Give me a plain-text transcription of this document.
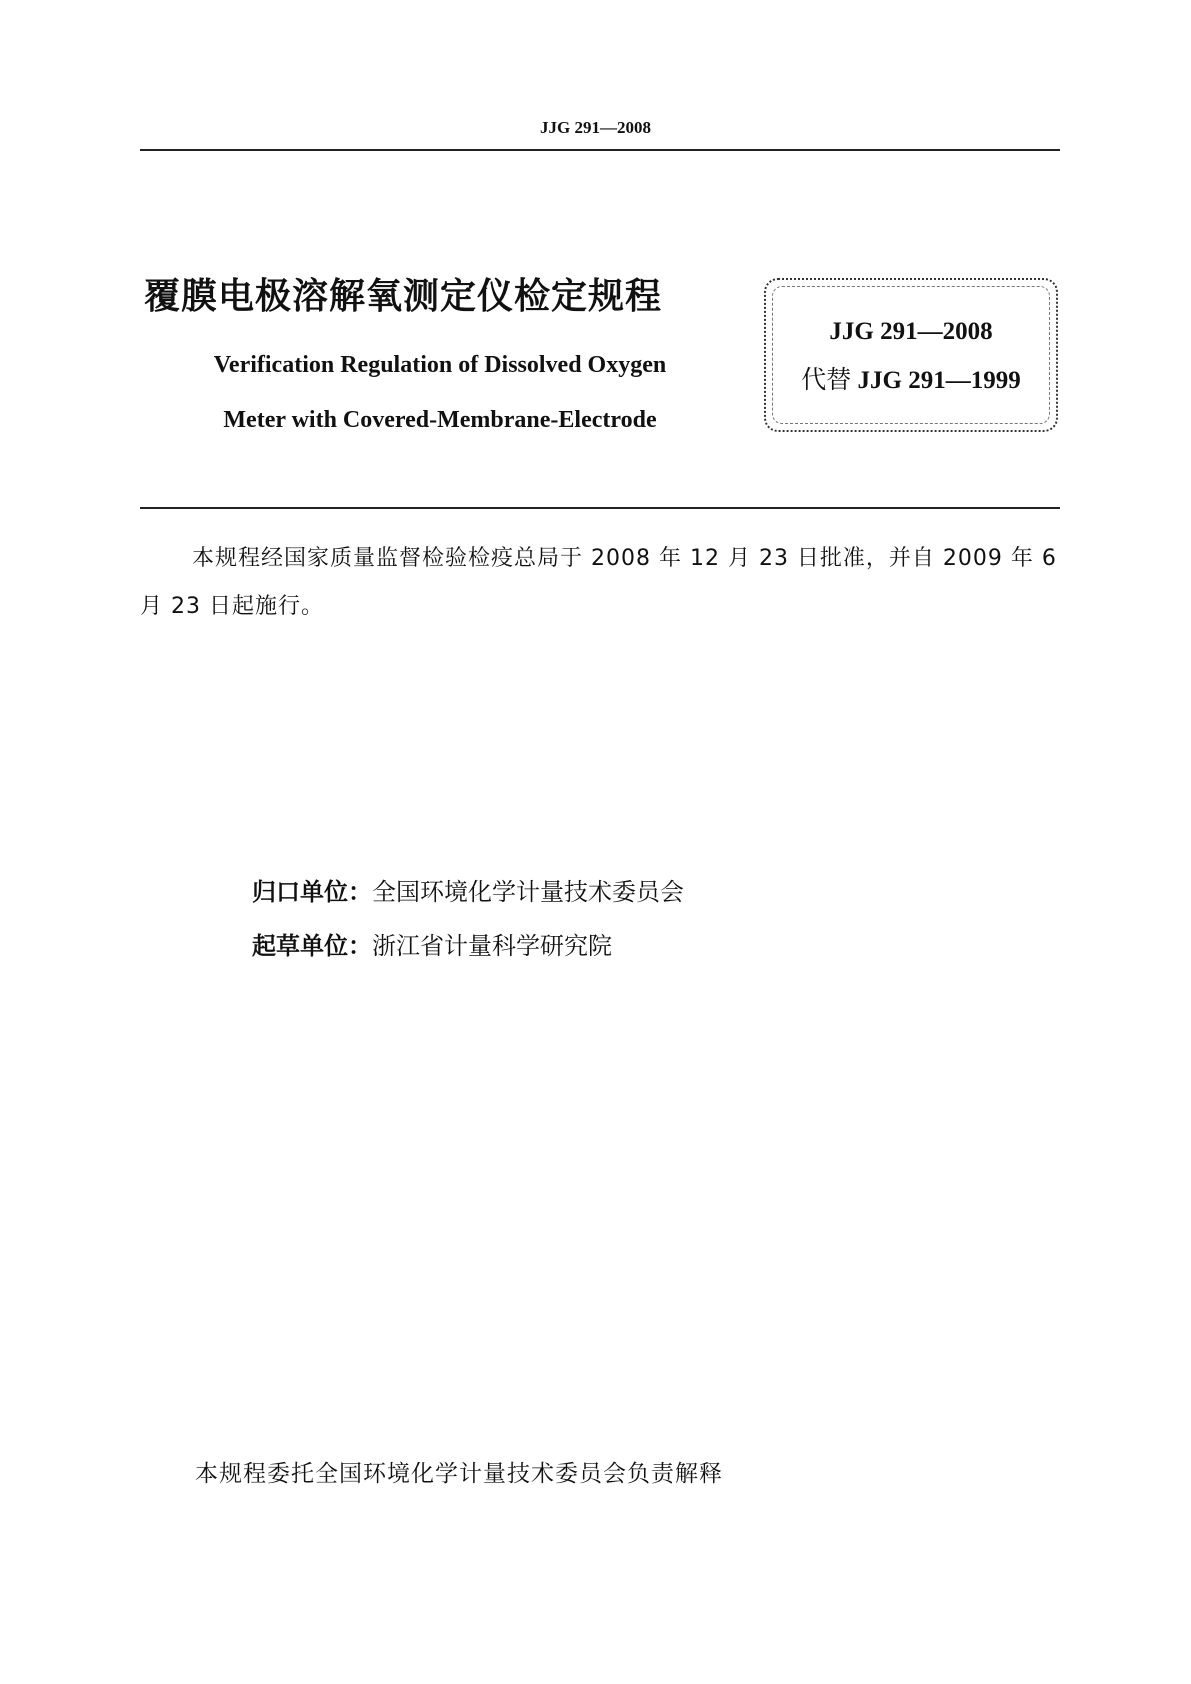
JJG 291—2008
覆膜电极溶解氧测定仪检定规程
Verification Regulation of Dissolved Oxygen
Meter with Covered-Membrane-Electrode
JJG 291—2008
代替 JJG 291—1999
本规程经国家质量监督检验检疫总局于 2008 年 12 月 23 日批准，并自 2009 年 6 月 23 日起施行。
归口单位：全国环境化学计量技术委员会
起草单位：浙江省计量科学研究院
本规程委托全国环境化学计量技术委员会负责解释
